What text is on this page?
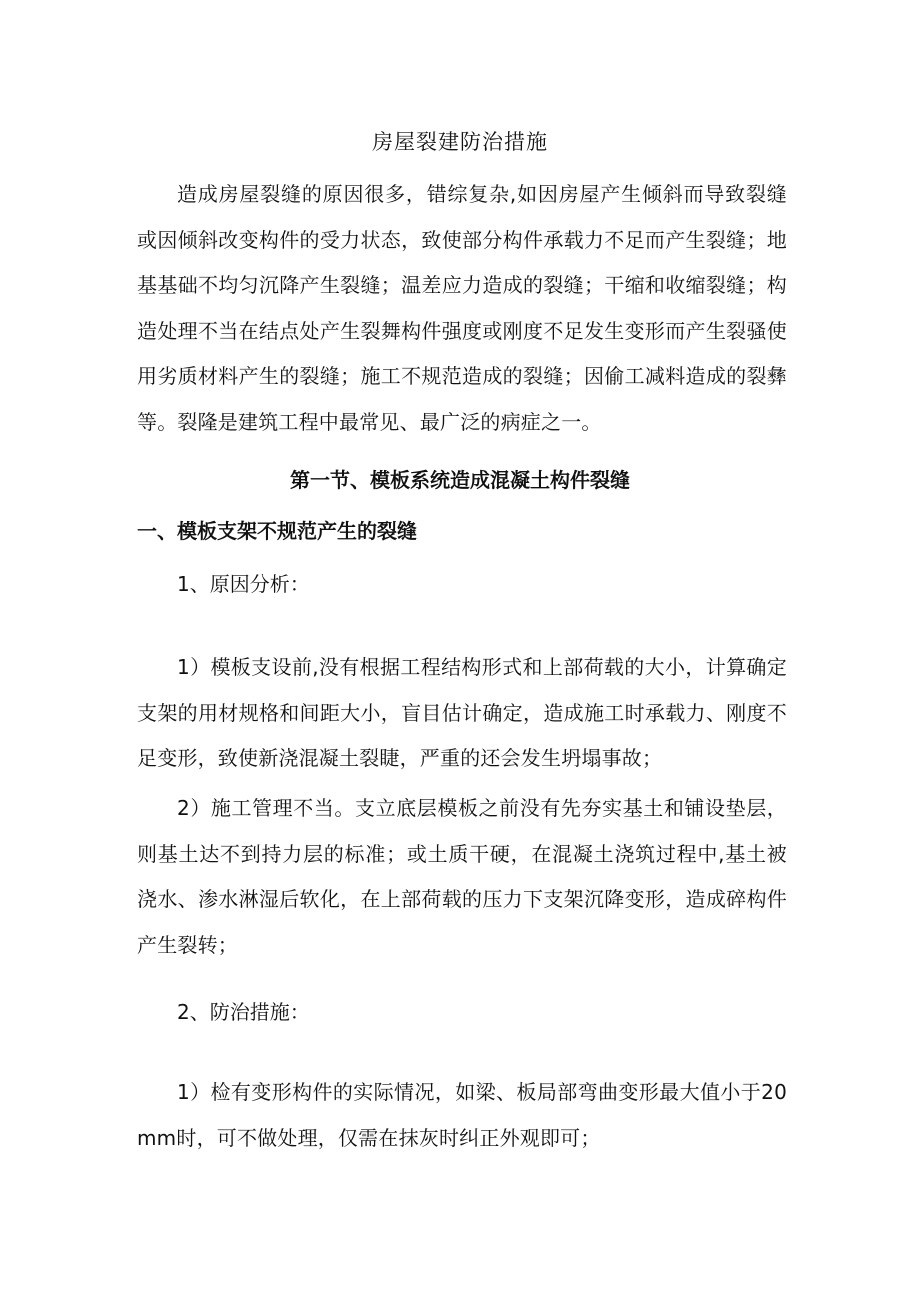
房屋裂建防治措施

造成房屋裂缝的原因很多，错综复杂,如因房屋产生倾斜而导致裂缝或因倾斜改变构件的受力状态，致使部分构件承载力不足而产生裂缝；地基基础不均匀沉降产生裂缝；温差应力造成的裂缝；干缩和收缩裂缝；构造处理不当在结点处产生裂舞构件强度或刚度不足发生变形而产生裂骚使用劣质材料产生的裂缝；施工不规范造成的裂缝；因偷工减料造成的裂彝等。裂隆是建筑工程中最常见、最广泛的病症之一。

第一节、模板系统造成混凝土构件裂缝
一、模板支架不规范产生的裂缝

1、原因分析：

1）模板支设前,没有根据工程结构形式和上部荷载的大小，计算确定支架的用材规格和间距大小，盲目估计确定，造成施工时承载力、刚度不足变形，致使新浇混凝土裂睫，严重的还会发生坍塌事故；

2）施工管理不当。支立底层模板之前没有先夯实基土和铺设垫层，则基土达不到持力层的标准；或土质干硬，在混凝土浇筑过程中,基土被浇水、渗水淋湿后软化，在上部荷载的压力下支架沉降变形，造成碎构件产生裂转；

2、防治措施：

1）检有变形构件的实际情况，如梁、板局部弯曲变形最大值小于20mm时，可不做处理，仅需在抹灰时纠正外观即可；
